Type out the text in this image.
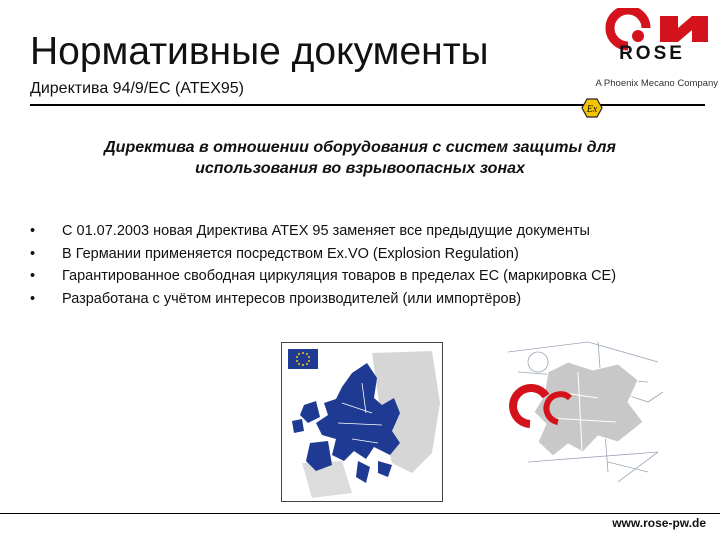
Нормативные документы
Директива 94/9/EC (ATEX95)
ROSE
A Phoenix Mecano Company
Ex
Директива в отношении оборудования с систем защиты для
использования во взрывоопасных зонах
• С 01.07.2003 новая Директива ATEX 95 заменяет все предыдущие документы
• В Германии применяется посредством Ex.VO (Explosion Regulation)
• Гарантированное свободная циркуляция товаров в пределах EC (маркировка CE)
• Разработана с учётом интересов производителей (или импортёров)
www.rose-pw.de
